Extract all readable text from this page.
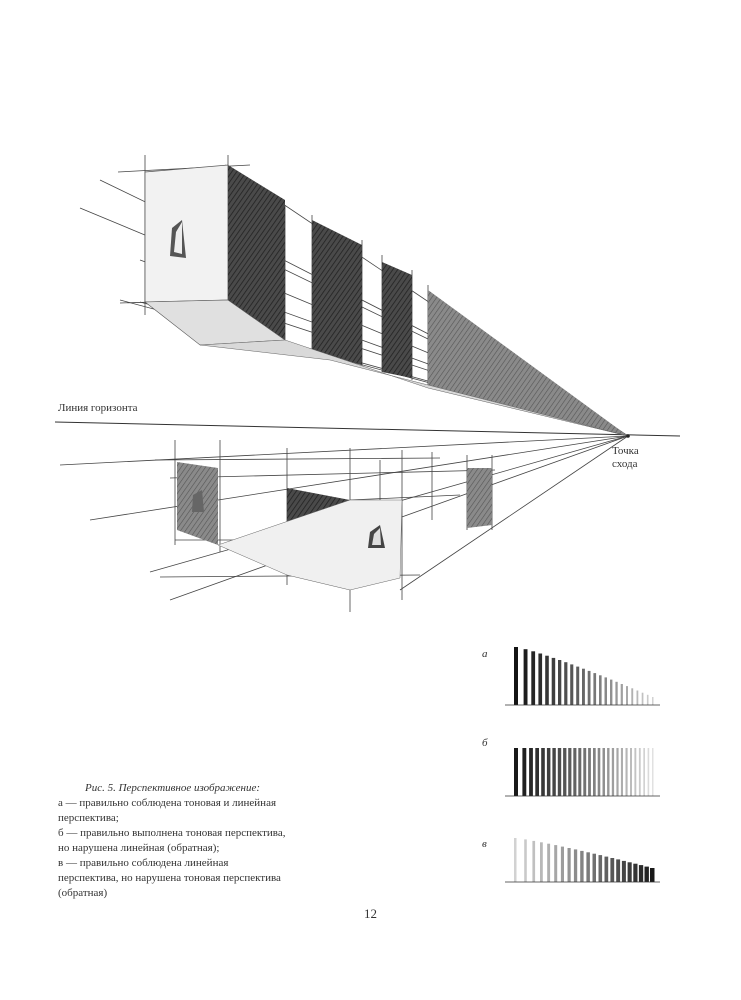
Линия горизонта
Точка
схода
а
б
в
Рис. 5. Перспективное изображение:
а — правильно соблюдена тоновая и линейная
перспектива;
б — правильно выполнена тоновая перспектива,
но нарушена линейная (обратная);
в — правильно соблюдена линейная
перспектива, но нарушена тоновая перспектива
(обратная)
12
